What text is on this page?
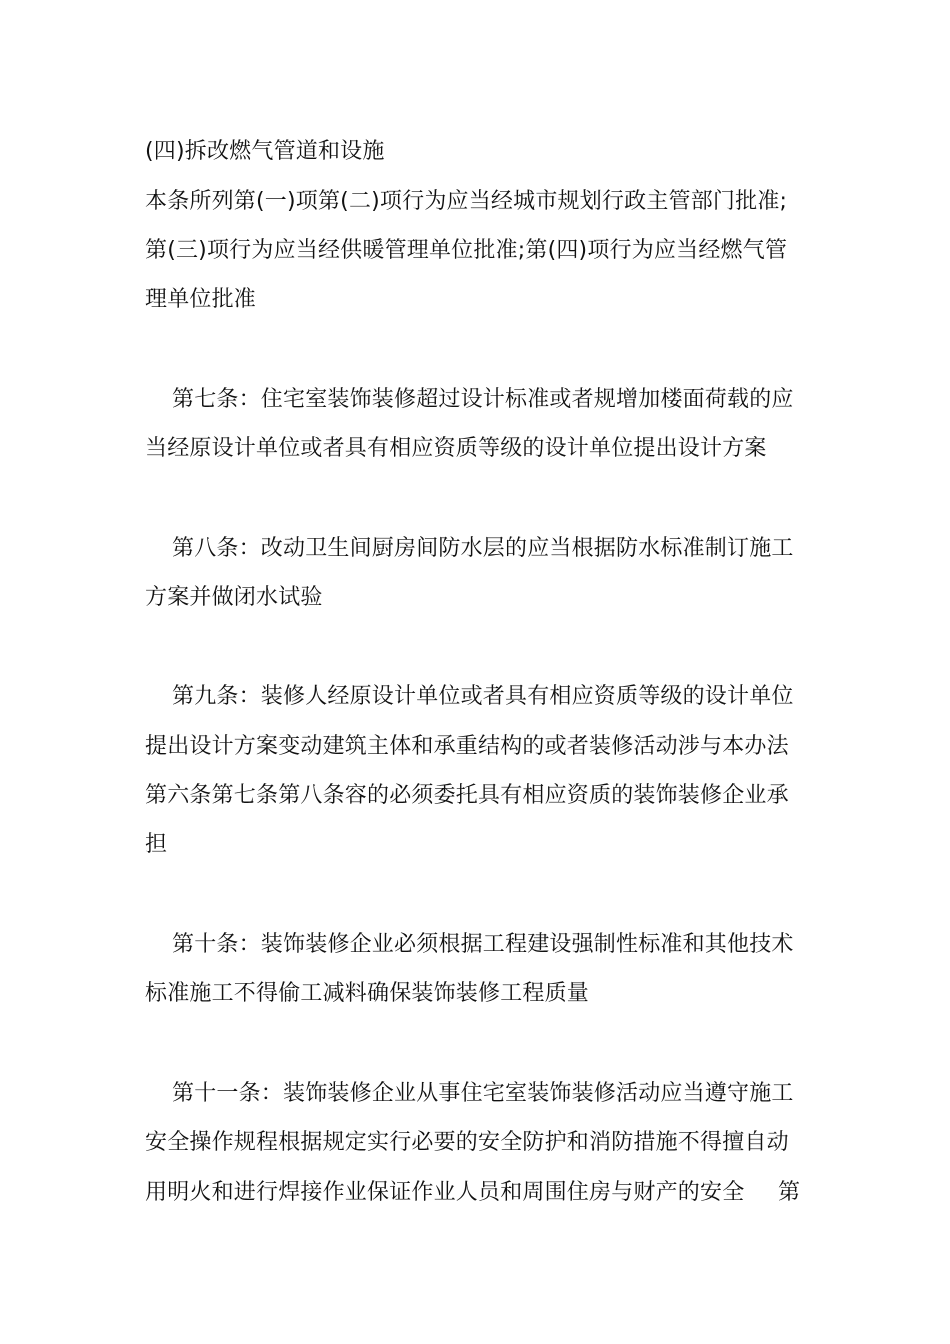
(四)拆改燃气管道和设施
本条所列第(一)项第(二)项行为应当经城市规划行政主管部门批准;
第(三)项行为应当经供暖管理单位批准;第(四)项行为应当经燃气管
理单位批准
第七条：住宅室装饰装修超过设计标准或者规增加楼面荷载的应
当经原设计单位或者具有相应资质等级的设计单位提出设计方案
第八条：改动卫生间厨房间防水层的应当根据防水标准制订施工
方案并做闭水试验
第九条：装修人经原设计单位或者具有相应资质等级的设计单位
提出设计方案变动建筑主体和承重结构的或者装修活动涉与本办法
第六条第七条第八条容的必须委托具有相应资质的装饰装修企业承
担
第十条：装饰装修企业必须根据工程建设强制性标准和其他技术
标准施工不得偷工减料确保装饰装修工程质量
第十一条：装饰装修企业从事住宅室装饰装修活动应当遵守施工
安全操作规程根据规定实行必要的安全防护和消防措施不得擅自动
用明火和进行焊接作业保证作业人员和周围住房与财产的安全	第
